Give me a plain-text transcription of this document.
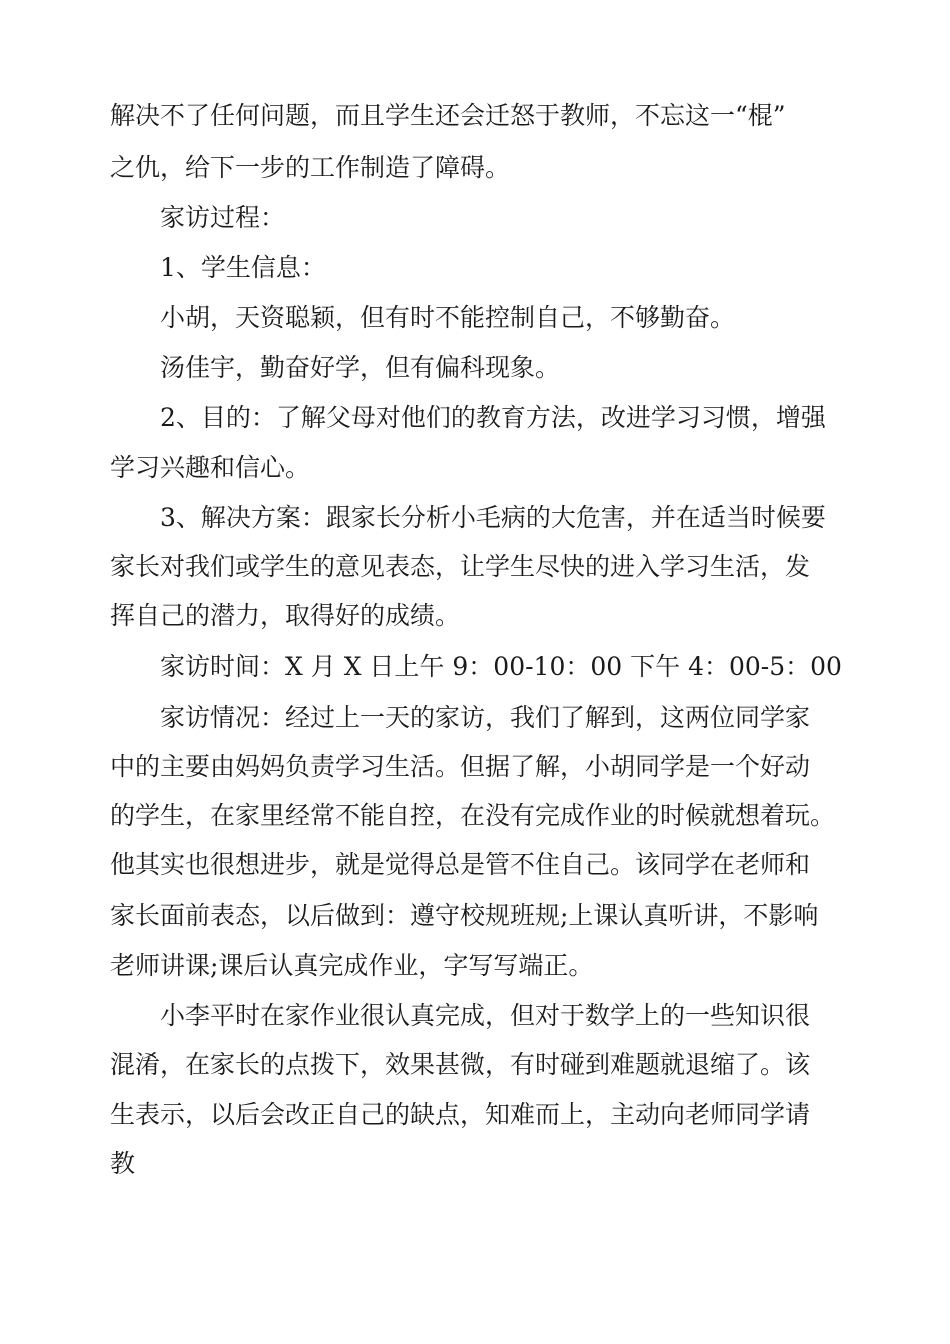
解决不了任何问题，而且学生还会迁怒于教师，不忘这一“棍”
之仇，给下一步的工作制造了障碍。
家访过程：
1、学生信息：
小胡，天资聪颖，但有时不能控制自己，不够勤奋。
汤佳宇，勤奋好学，但有偏科现象。
2、目的：了解父母对他们的教育方法，改进学习习惯，增强
学习兴趣和信心。
3、解决方案：跟家长分析小毛病的大危害，并在适当时候要
家长对我们或学生的意见表态，让学生尽快的进入学习生活，发
挥自己的潜力，取得好的成绩。
家访时间：X 月 X 日上午 9：00-10：00 下午 4：00-5：00
家访情况：经过上一天的家访，我们了解到，这两位同学家
中的主要由妈妈负责学习生活。但据了解，小胡同学是一个好动
的学生，在家里经常不能自控，在没有完成作业的时候就想着玩。
他其实也很想进步，就是觉得总是管不住自己。该同学在老师和
家长面前表态，以后做到：遵守校规班规;上课认真听讲，不影响
老师讲课;课后认真完成作业，字写写端正。
小李平时在家作业很认真完成，但对于数学上的一些知识很
混淆，在家长的点拨下，效果甚微，有时碰到难题就退缩了。该
生表示，以后会改正自己的缺点，知难而上，主动向老师同学请
教
